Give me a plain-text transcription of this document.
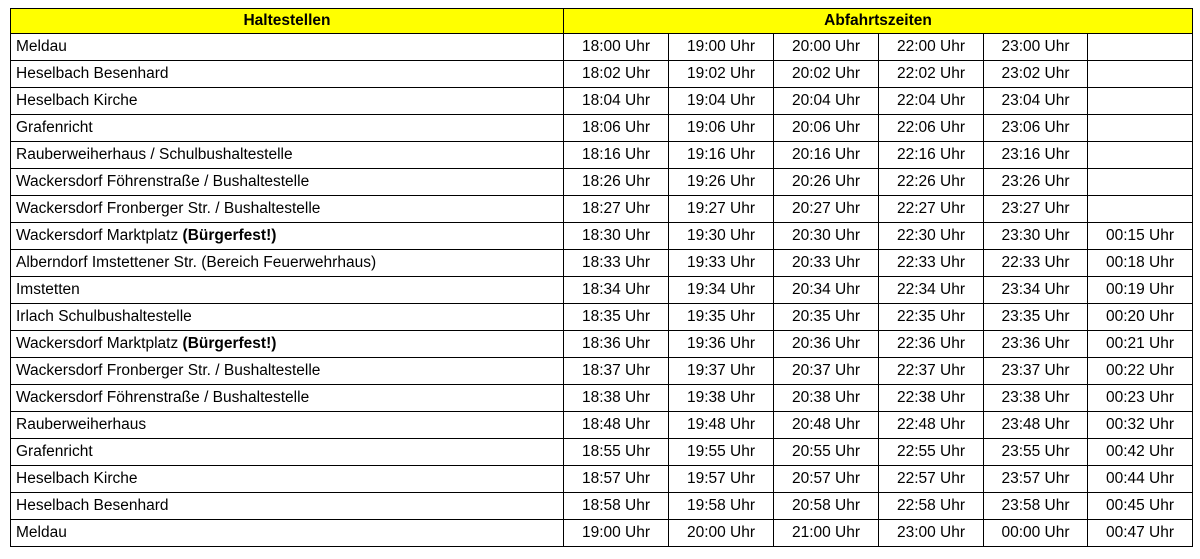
Haltestellen	Abfahrtszeiten					
Meldau	18:00 Uhr	19:00 Uhr	20:00 Uhr	22:00 Uhr	23:00 Uhr	
Heselbach Besenhard	18:02 Uhr	19:02 Uhr	20:02 Uhr	22:02 Uhr	23:02 Uhr	
Heselbach Kirche	18:04 Uhr	19:04 Uhr	20:04 Uhr	22:04 Uhr	23:04 Uhr	
Grafenricht	18:06 Uhr	19:06 Uhr	20:06 Uhr	22:06 Uhr	23:06 Uhr	
Rauberweiherhaus / Schulbushaltestelle	18:16 Uhr	19:16 Uhr	20:16 Uhr	22:16 Uhr	23:16 Uhr	
Wackersdorf Föhrenstraße / Bushaltestelle	18:26 Uhr	19:26 Uhr	20:26 Uhr	22:26 Uhr	23:26 Uhr	
Wackersdorf Fronberger Str. / Bushaltestelle	18:27 Uhr	19:27 Uhr	20:27 Uhr	22:27 Uhr	23:27 Uhr	
Wackersdorf Marktplatz (Bürgerfest!)	18:30 Uhr	19:30 Uhr	20:30 Uhr	22:30 Uhr	23:30 Uhr	00:15 Uhr
Alberndorf Imstettener Str. (Bereich Feuerwehrhaus)	18:33 Uhr	19:33 Uhr	20:33 Uhr	22:33 Uhr	22:33 Uhr	00:18 Uhr
Imstetten	18:34 Uhr	19:34 Uhr	20:34 Uhr	22:34 Uhr	23:34 Uhr	00:19 Uhr
Irlach Schulbushaltestelle	18:35 Uhr	19:35 Uhr	20:35 Uhr	22:35 Uhr	23:35 Uhr	00:20 Uhr
Wackersdorf Marktplatz (Bürgerfest!)	18:36 Uhr	19:36 Uhr	20:36 Uhr	22:36 Uhr	23:36 Uhr	00:21 Uhr
Wackersdorf Fronberger Str. / Bushaltestelle	18:37 Uhr	19:37 Uhr	20:37 Uhr	22:37 Uhr	23:37 Uhr	00:22 Uhr
Wackersdorf Föhrenstraße / Bushaltestelle	18:38 Uhr	19:38 Uhr	20:38 Uhr	22:38 Uhr	23:38 Uhr	00:23 Uhr
Rauberweiherhaus	18:48 Uhr	19:48 Uhr	20:48 Uhr	22:48 Uhr	23:48 Uhr	00:32 Uhr
Grafenricht	18:55 Uhr	19:55 Uhr	20:55 Uhr	22:55 Uhr	23:55 Uhr	00:42 Uhr
Heselbach Kirche	18:57 Uhr	19:57 Uhr	20:57 Uhr	22:57 Uhr	23:57 Uhr	00:44 Uhr
Heselbach Besenhard	18:58 Uhr	19:58 Uhr	20:58 Uhr	22:58 Uhr	23:58 Uhr	00:45 Uhr
Meldau	19:00 Uhr	20:00 Uhr	21:00 Uhr	23:00 Uhr	00:00 Uhr	00:47 Uhr
